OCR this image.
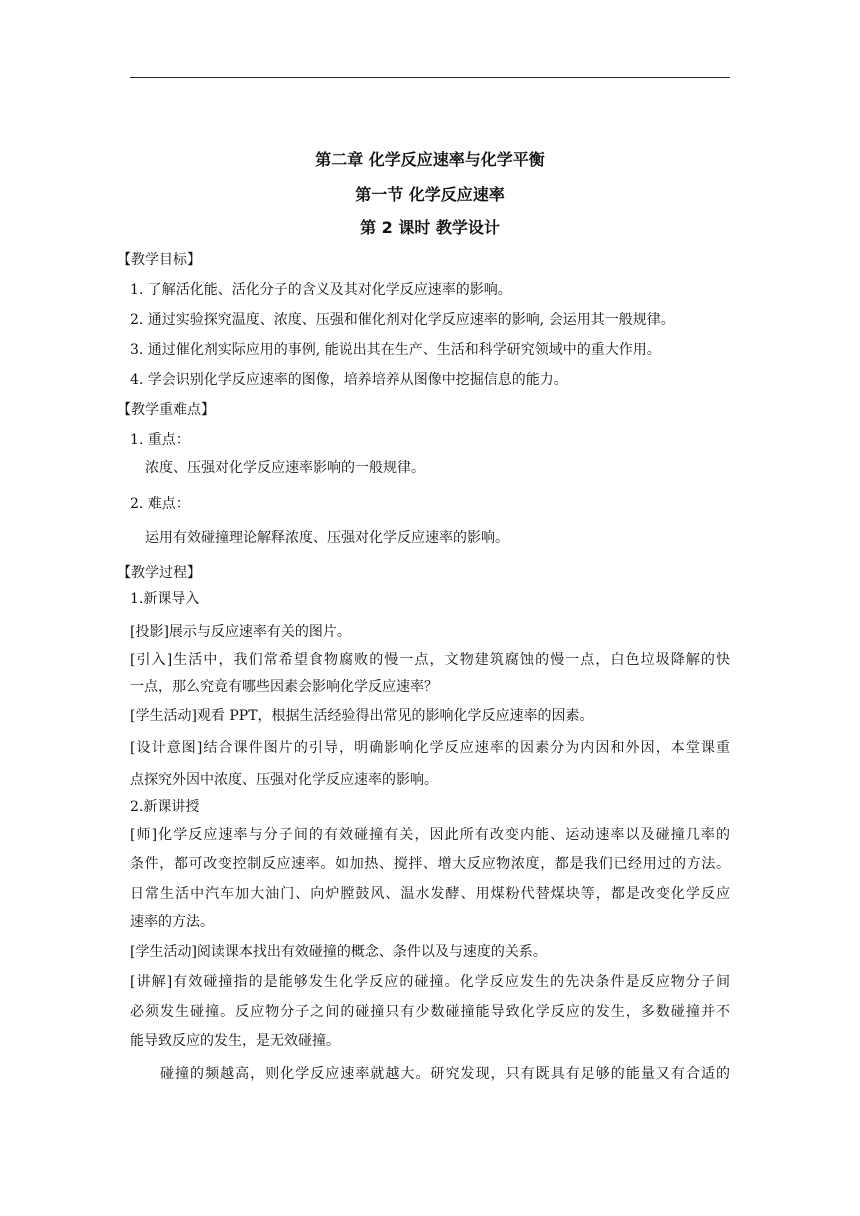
第二章 化学反应速率与化学平衡
第一节 化学反应速率
第 2 课时 教学设计
【教学目标】
1. 了解活化能、活化分子的含义及其对化学反应速率的影响。
2. 通过实验探究温度、浓度、压强和催化剂对化学反应速率的影响, 会运用其一般规律。
3. 通过催化剂实际应用的事例, 能说出其在生产、生活和科学研究领域中的重大作用。
4. 学会识别化学反应速率的图像，培养培养从图像中挖掘信息的能力。
【教学重难点】
1. 重点：
浓度、压强对化学反应速率影响的一般规律。
2. 难点：
运用有效碰撞理论解释浓度、压强对化学反应速率的影响。
【教学过程】
1.新课导入
[投影]展示与反应速率有关的图片。
[引入]生活中，我们常希望食物腐败的慢一点，文物建筑腐蚀的慢一点，白色垃圾降解的快
一点，那么究竟有哪些因素会影响化学反应速率？
[学生活动]观看 PPT，根据生活经验得出常见的影响化学反应速率的因素。
[设计意图]结合课件图片的引导，明确影响化学反应速率的因素分为内因和外因，本堂课重
点探究外因中浓度、压强对化学反应速率的影响。
2.新课讲授
[师]化学反应速率与分子间的有效碰撞有关，因此所有改变内能、运动速率以及碰撞几率的
条件，都可改变控制反应速率。如加热、搅拌、增大反应物浓度，都是我们已经用过的方法。
日常生活中汽车加大油门、向炉膛鼓风、温水发酵、用煤粉代替煤块等，都是改变化学反应
速率的方法。
[学生活动]阅读课本找出有效碰撞的概念、条件以及与速度的关系。
[讲解]有效碰撞指的是能够发生化学反应的碰撞。化学反应发生的先决条件是反应物分子间
必须发生碰撞。反应物分子之间的碰撞只有少数碰撞能导致化学反应的发生，多数碰撞并不
能导致反应的发生，是无效碰撞。
碰撞的频越高，则化学反应速率就越大。研究发现，只有既具有足够的能量又有合适的
